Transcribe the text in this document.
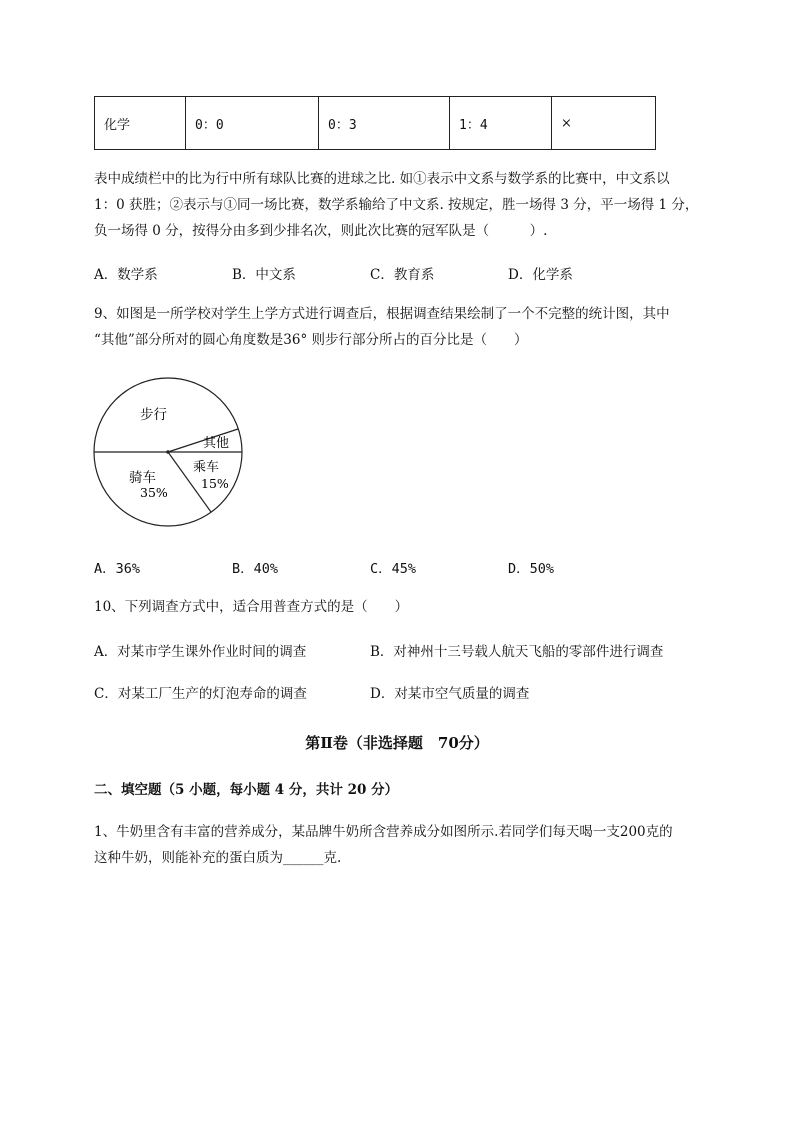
化学	0：0	0：3	1：4	×
表中成绩栏中的比为行中所有球队比赛的进球之比. 如①表示中文系与数学系的比赛中，中文系以
1：0 获胜；②表示与①同一场比赛，数学系输给了中文系. 按规定，胜一场得 3 分，平一场得 1 分，
负一场得 0 分，按得分由多到少排名次，则此次比赛的冠军队是（　　　）.
A．数学系	B．中文系	C．教育系	D．化学系
9、如图是一所学校对学生上学方式进行调查后，根据调查结果绘制了一个不完整的统计图，其中
“其他”部分所对的圆心角度数是36° 则步行部分所占的百分比是（　　）
步行
其他
乘车
15%
骑车
35%
A．36%	B．40%	C．45%	D．50%
10、下列调查方式中，适合用普查方式的是（　　）
A．对某市学生课外作业时间的调查	B．对神州十三号载人航天飞船的零部件进行调查
C．对某工厂生产的灯泡寿命的调查	D．对某市空气质量的调查
第Ⅱ卷（非选择题　70分）
二、填空题（5 小题，每小题 4 分，共计 20 分）
1、牛奶里含有丰富的营养成分，某品牌牛奶所含营养成分如图所示.若同学们每天喝一支200克的
这种牛奶，则能补充的蛋白质为______克.
